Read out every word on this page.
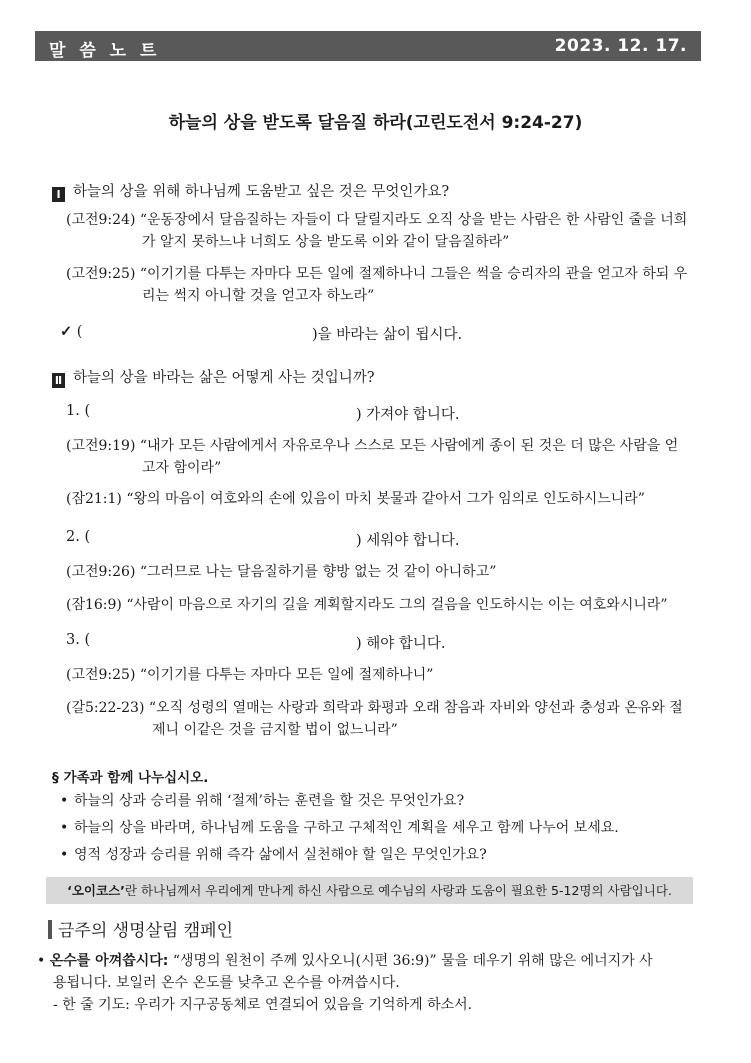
말 씀 노 트	2023. 12. 17.
하늘의 상을 받도록 달음질 하라(고린도전서 9:24-27)
Ⅰ 하늘의 상을 위해 하나님께 도움받고 싶은 것은 무엇인가요?
(고전9:24) “운동장에서 달음질하는 자들이 다 달릴지라도 오직 상을 받는 사람은 한 사람인 줄을 너희
가 알지 못하느냐 너희도 상을 받도록 이와 같이 달음질하라”
(고전9:25) “이기기를 다투는 자마다 모든 일에 절제하나니 그들은 썩을 승리자의 관을 얻고자 하되 우
리는 썩지 아니할 것을 얻고자 하노라”
✓ (	)을 바라는 삶이 됩시다.
Ⅱ 하늘의 상을 바라는 삶은 어떻게 사는 것입니까?
1. (	) 가져야 합니다.
(고전9:19) “내가 모든 사람에게서 자유로우나 스스로 모든 사람에게 종이 된 것은 더 많은 사람을 얻
고자 함이라”
(잠21:1) “왕의 마음이 여호와의 손에 있음이 마치 봇물과 같아서 그가 임의로 인도하시느니라”
2. (	) 세워야 합니다.
(고전9:26) “그러므로 나는 달음질하기를 향방 없는 것 같이 아니하고”
(잠16:9) “사람이 마음으로 자기의 길을 계획할지라도 그의 걸음을 인도하시는 이는 여호와시니라”
3. (	) 해야 합니다.
(고전9:25) “이기기를 다투는 자마다 모든 일에 절제하나니”
(갈5:22-23) “오직 성령의 열매는 사랑과 희락과 화평과 오래 참음과 자비와 양선과 충성과 온유와 절
제니 이같은 것을 금지할 법이 없느니라”
§ 가족과 함께 나누십시오.
• 하늘의 상과 승리를 위해 ‘절제’하는 훈련을 할 것은 무엇인가요?
• 하늘의 상을 바라며, 하나님께 도움을 구하고 구체적인 계획을 세우고 함께 나누어 보세요.
• 영적 성장과 승리를 위해 즉각 삶에서 실천해야 할 일은 무엇인가요?
‘오이코스’란 하나님께서 우리에게 만나게 하신 사람으로 예수님의 사랑과 도움이 필요한 5-12명의 사람입니다.
금주의 생명살림 캠페인
• 온수를 아껴씁시다: “생명의 원천이 주께 있사오니(시편 36:9)” 물을 데우기 위해 많은 에너지가 사
용됩니다. 보일러 온수 온도를 낮추고 온수를 아껴씁시다.
- 한 줄 기도: 우리가 지구공동체로 연결되어 있음을 기억하게 하소서.
